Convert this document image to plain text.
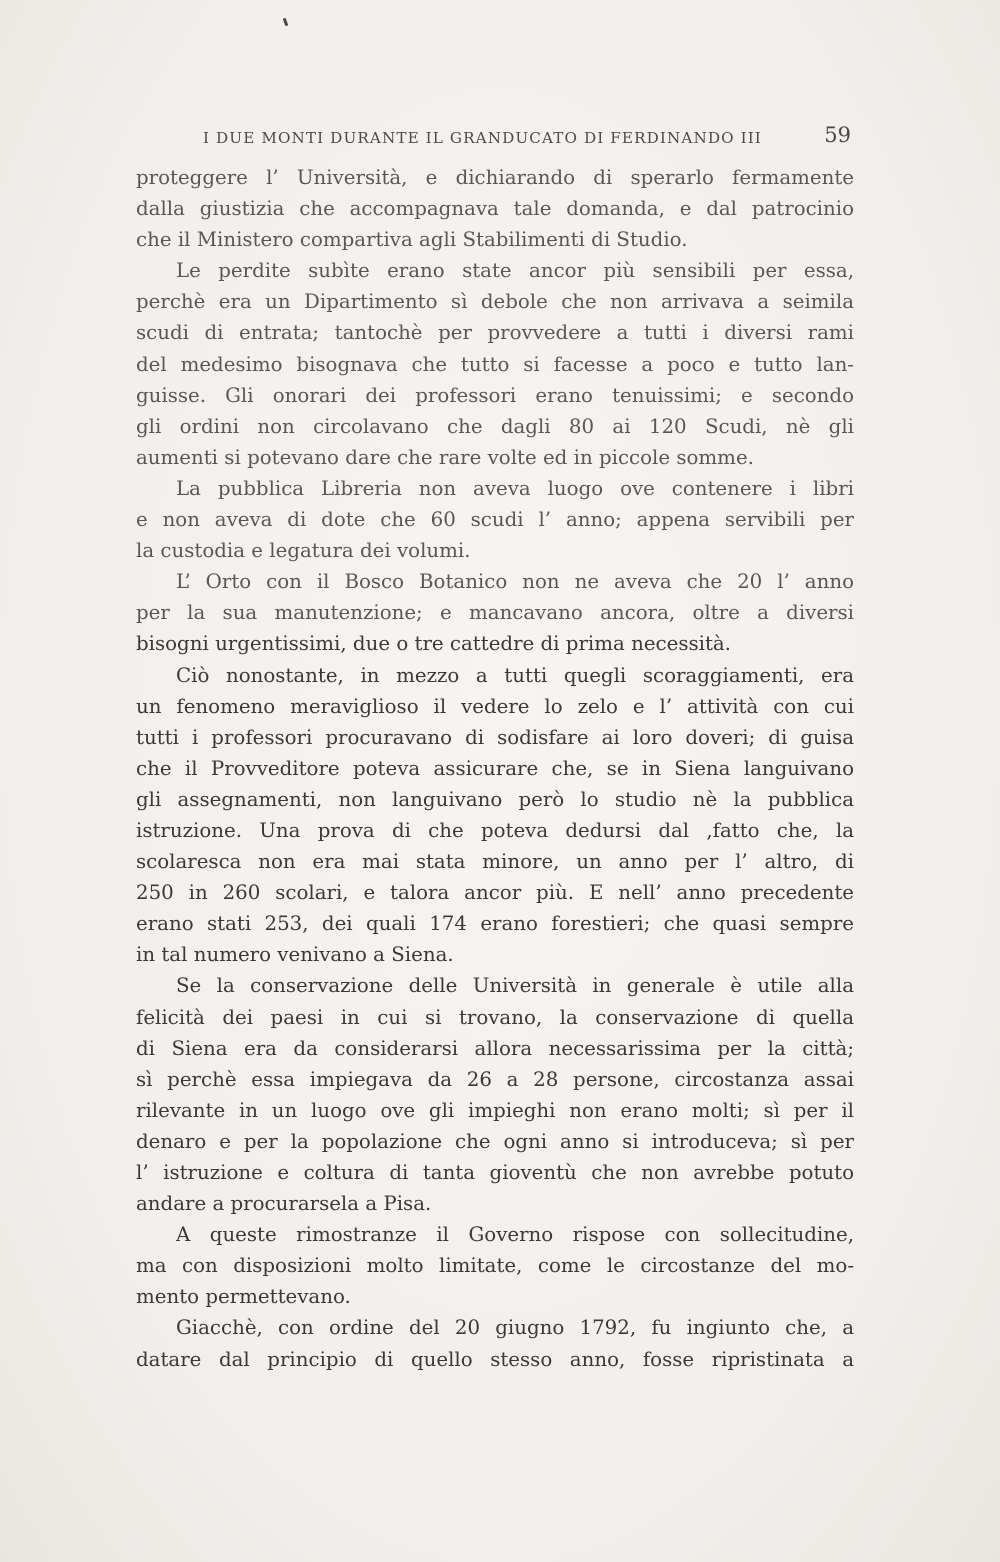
I DUE MONTI DURANTE IL GRANDUCATO DI FERDINANDO III	59
proteggere l’ Università, e dichiarando di sperarlo fermamente
dalla giustizia che accompagnava tale domanda, e dal patrocinio
che il Ministero compartiva agli Stabilimenti di Studio.
Le perdite subìte erano state ancor più sensibili per essa,
perchè era un Dipartimento sì debole che non arrivava a seimila
scudi di entrata; tantochè per provvedere a tutti i diversi rami
del medesimo bisognava che tutto si facesse a poco e tutto lan-
guisse. Gli onorari dei professori erano tenuissimi; e secondo
gli ordini non circolavano che dagli 80 ai 120 Scudi, nè gli
aumenti si potevano dare che rare volte ed in piccole somme.
La pubblica Libreria non aveva luogo ove contenere i libri
e non aveva di dote che 60 scudi l’ anno; appena servibili per
la custodia e legatura dei volumi.
L’ Orto con il Bosco Botanico non ne aveva che 20 l’ anno
per la sua manutenzione; e mancavano ancora, oltre a diversi
bisogni urgentissimi, due o tre cattedre di prima necessità.
Ciò nonostante, in mezzo a tutti quegli scoraggiamenti, era
un fenomeno meraviglioso il vedere lo zelo e l’ attività con cui
tutti i professori procuravano di sodisfare ai loro doveri; di guisa
che il Provveditore poteva assicurare che, se in Siena languivano
gli assegnamenti, non languivano però lo studio nè la pubblica
istruzione. Una prova di che poteva dedursi dal ,fatto che, la
scolaresca non era mai stata minore, un anno per l’ altro, di
250 in 260 scolari, e talora ancor più. E nell’ anno precedente
erano stati 253, dei quali 174 erano forestieri; che quasi sempre
in tal numero venivano a Siena.
Se la conservazione delle Università in generale è utile alla
felicità dei paesi in cui si trovano, la conservazione di quella
di Siena era da considerarsi allora necessarissima per la città;
sì perchè essa impiegava da 26 a 28 persone, circostanza assai
rilevante in un luogo ove gli impieghi non erano molti; sì per il
denaro e per la popolazione che ogni anno si introduceva; sì per
l’ istruzione e coltura di tanta gioventù che non avrebbe potuto
andare a procurarsela a Pisa.
A queste rimostranze il Governo rispose con sollecitudine,
ma con disposizioni molto limitate, come le circostanze del mo-
mento permettevano.
Giacchè, con ordine del 20 giugno 1792, fu ingiunto che, a
datare dal principio di quello stesso anno, fosse ripristinata a
